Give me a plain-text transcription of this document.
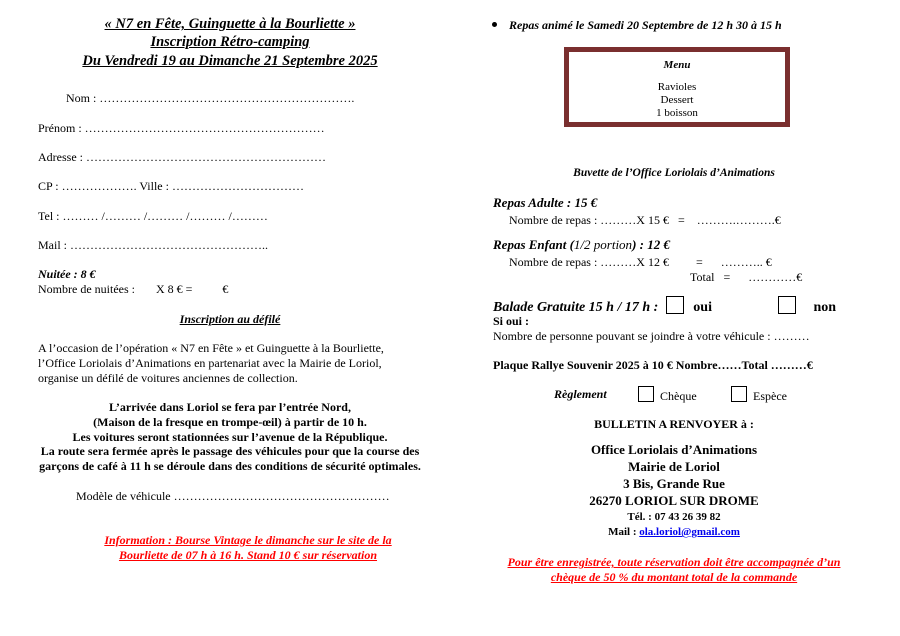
« N7 en Fête, Guinguette à la Bourliette »
Inscription Rétro-camping
Du Vendredi 19 au Dimanche 21 Septembre 2025
Nom : ……………………………………………………….
Prénom : ……………………………………………………
Adresse : ……………………………………………………
CP : ………………. Ville : ……………………………
Tel : ……… /……… /……… /……… /………
Mail : …………………………………………..
Nuitée : 8 €
Nombre de nuitées :       X 8 € =          €
Inscription au défilé
A l’occasion de l’opération « N7 en Fête » et Guinguette à la Bourliette,
l’Office Loriolais d’Animations en partenariat avec la Mairie de Loriol,
organise un défilé de voitures anciennes de collection.
L’arrivée dans Loriol se fera par l’entrée Nord,
(Maison de la fresque en trompe-œil) à partir de 10 h.
Les voitures seront stationnées sur l’avenue de la République.
La route sera fermée après le passage des véhicules pour que la course des
garçons de café à 11 h se déroule dans des conditions de sécurité optimales.
Modèle de véhicule ………………………………………………
Information : Bourse Vintage le dimanche sur le site de la
Bourliette de 07 h à 16 h. Stand 10 € sur réservation
Repas animé le Samedi 20 Septembre de 12 h 30 à 15 h
Menu
Ravioles
Dessert
1 boisson
Buvette de l’Office Loriolais d’Animations
Repas Adulte : 15 €
Nombre de repas : ………X 15 €   =    ……….……….€
Repas Enfant (1/2 portion) : 12 €
Nombre de repas : ………X 12 €         =      ……….. €
Total   =      …………€
Balade Gratuite 15 h / 17 h :	oui	non
Si oui :
Nombre de personne pouvant se joindre à votre véhicule : ………
Plaque Rallye Souvenir 2025 à 10 € Nombre……Total ………€
Règlement	Chèque	Espèce
BULLETIN A RENVOYER à :
Office Loriolais d’Animations
Mairie de Loriol
3 Bis, Grande Rue
26270 LORIOL SUR DROME
Tél. : 07 43 26 39 82
Mail : ola.loriol@gmail.com
Pour être enregistrée, toute réservation doit être accompagnée d’un
chèque de 50 % du montant total de la commande
